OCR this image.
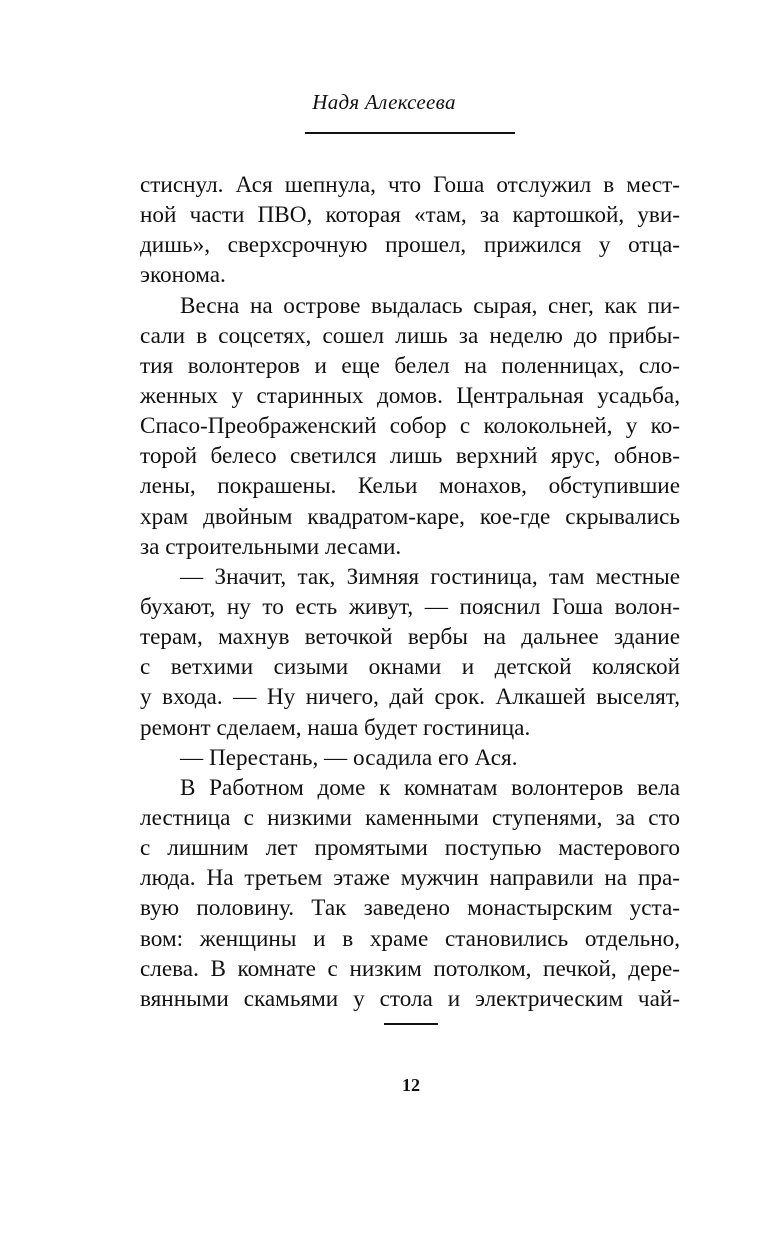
Надя Алексеева
стиснул. Ася шепнула, что Гоша отслужил в мест-
ной части ПВО, которая «там, за картошкой, уви-
дишь», сверхсрочную прошел, прижился у отца-
эконома.
Весна на острове выдалась сырая, снег, как пи-
сали в соцсетях, сошел лишь за неделю до прибы-
тия волонтеров и еще белел на поленницах, сло-
женных у старинных домов. Центральная усадьба,
Спасо-Преображенский собор с колокольней, у ко-
торой белесо светился лишь верхний ярус, обнов-
лены, покрашены. Кельи монахов, обступившие
храм двойным квадратом-каре, кое-где скрывались
за строительными лесами.
— Значит, так, Зимняя гостиница, там местные
бухают, ну то есть живут, — пояснил Гоша волон-
терам, махнув веточкой вербы на дальнее здание
с ветхими сизыми окнами и детской коляской
у входа. — Ну ничего, дай срок. Алкашей выселят,
ремонт сделаем, наша будет гостиница.
— Перестань, — осадила его Ася.
В Работном доме к комнатам волонтеров вела
лестница с низкими каменными ступенями, за сто
с лишним лет промятыми поступью мастерового
люда. На третьем этаже мужчин направили на пра-
вую половину. Так заведено монастырским уста-
вом: женщины и в храме становились отдельно,
слева. В комнате с низким потолком, печкой, дере-
вянными скамьями у стола и электрическим чай-
12
